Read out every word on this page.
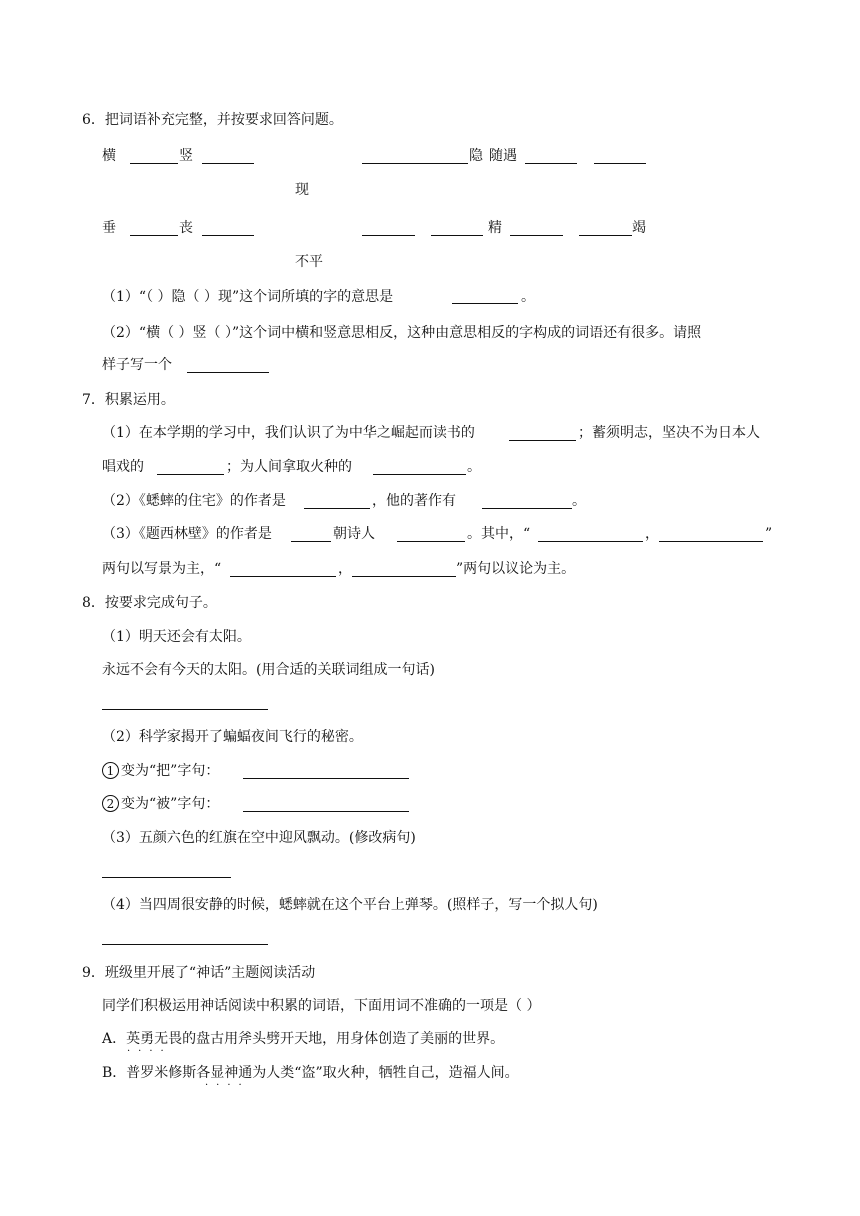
6．把词语补充完整，并按要求回答问题。
横	竖	隐 随遇
现
垂	丧	精	竭
不平
（1）“（ ）隐（ ）现”这个词所填的字的意思是	。
（2）“横（ ）竖（ ）”这个词中横和竖意思相反，这种由意思相反的字构成的词语还有很多。请照
样子写一个
7．积累运用。
（1）在本学期的学习中，我们认识了为中华之崛起而读书的	；蓄须明志，坚决不为日本人
唱戏的	；为人间拿取火种的	。
（2）《蟋蟀的住宅》的作者是	，他的著作有	。
（3）《题西林壁》的作者是	朝诗人	。其中，“	，	”
两句以写景为主，“	，	”两句以议论为主。
8．按要求完成句子。
（1）明天还会有太阳。
永远不会有今天的太阳。(用合适的关联词组成一句话)
（2）科学家揭开了蝙蝠夜间飞行的秘密。
1 变为“把”字句：
2 变为“被”字句：
（3）五颜六色的红旗在空中迎风飘动。(修改病句)
（4）当四周很安静的时候，蟋蟀就在这个平台上弹琴。(照样子，写一个拟人句)
9．班级里开展了“神话”主题阅读活动
同学们积极运用神话阅读中积累的词语，下面用词不准确的一项是（ ）
A．英勇无畏的盘古用斧头劈开天地，用身体创造了美丽的世界。
····
B．普罗米修斯各显神通为人类“盗”取火种，牺牲自己，造福人间。
····
